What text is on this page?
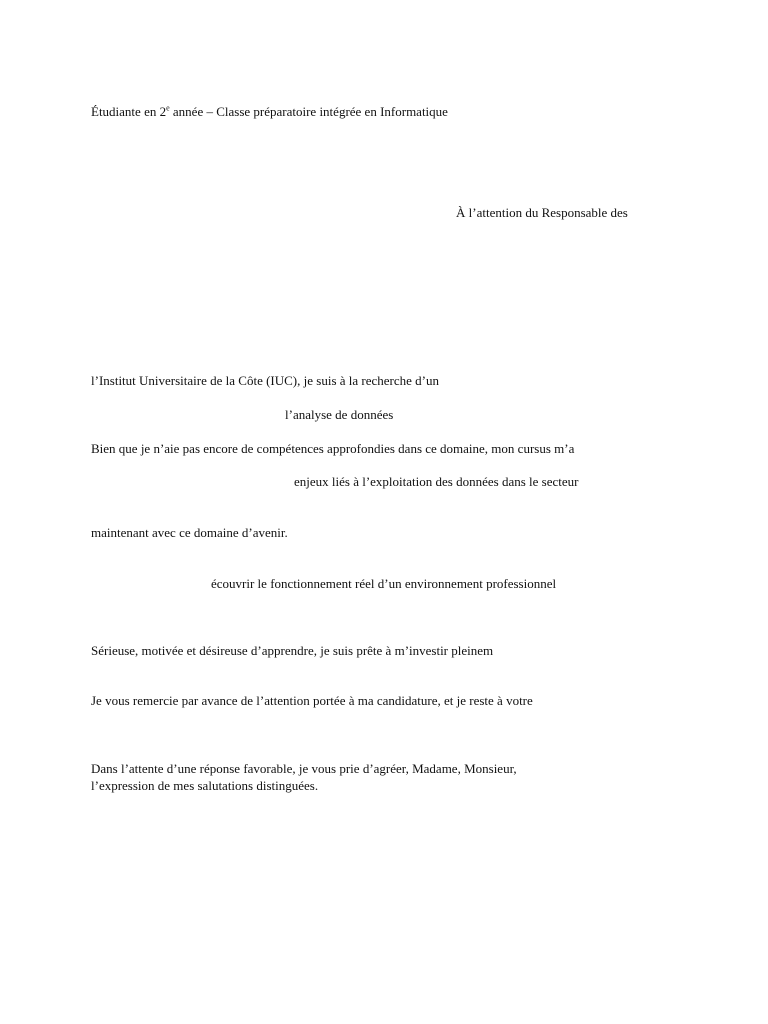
Étudiante en 2e année – Classe préparatoire intégrée en Informatique
À l’attention du Responsable des
l’Institut Universitaire de la Côte (IUC), je suis à la recherche d’un
l’analyse de données
Bien que je n’aie pas encore de compétences approfondies dans ce domaine, mon cursus m’a
enjeux liés à l’exploitation des données dans le secteur
maintenant avec ce domaine d’avenir.
écouvrir le fonctionnement réel d’un environnement professionnel
Sérieuse, motivée et désireuse d’apprendre, je suis prête à m’investir pleinem
Je vous remercie par avance de l’attention portée à ma candidature, et je reste à votre
Dans l’attente d’une réponse favorable, je vous prie d’agréer, Madame, Monsieur,
l’expression de mes salutations distinguées.
